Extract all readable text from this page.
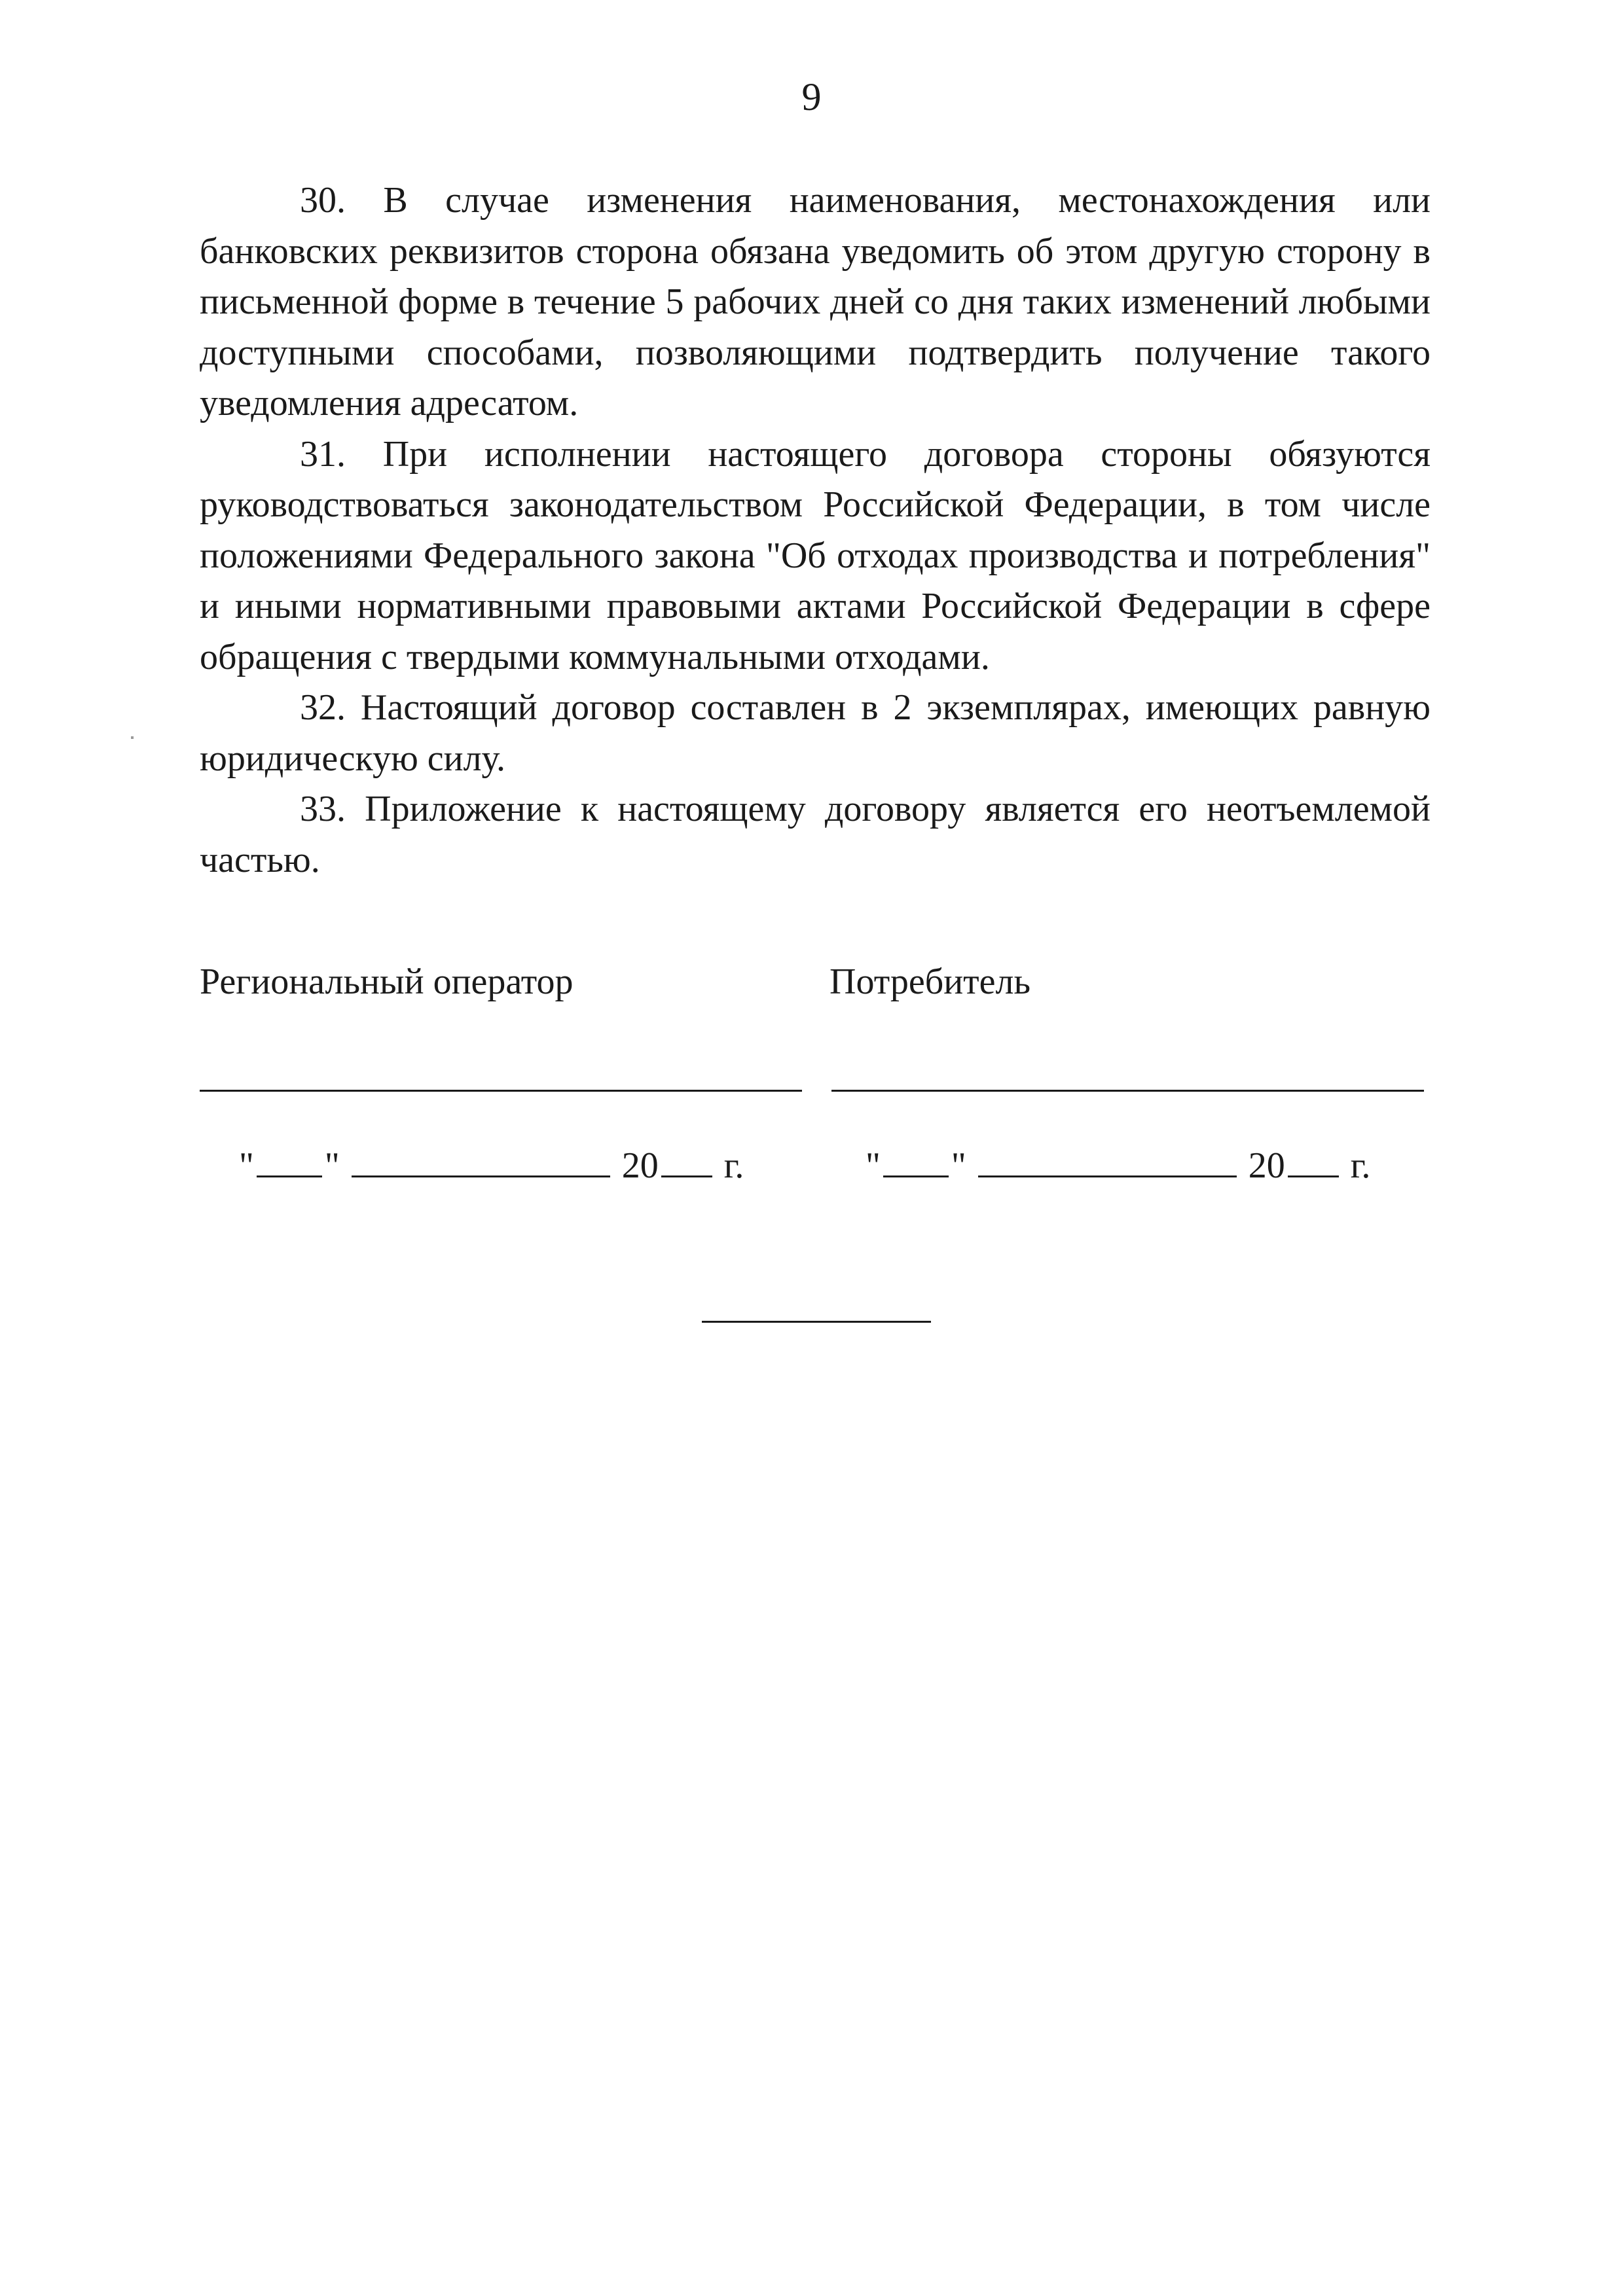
9

30. В случае изменения наименования, местонахождения или банковских реквизитов сторона обязана уведомить об этом другую сторону в письменной форме в течение 5 рабочих дней со дня таких изменений любыми доступными способами, позволяющими подтвердить получение такого уведомления адресатом.

31. При исполнении настоящего договора стороны обязуются руководствоваться законодательством Российской Федерации, в том числе положениями Федерального закона "Об отходах производства и потребления" и иными нормативными правовыми актами Российской Федерации в сфере обращения с твердыми коммунальными отходами.

32. Настоящий договор составлен в 2 экземплярах, имеющих равную юридическую силу.

33. Приложение к настоящему договору является его неотъемлемой частью.

Региональный оператор	Потребитель
" "	20 г.	" "	20 г.
